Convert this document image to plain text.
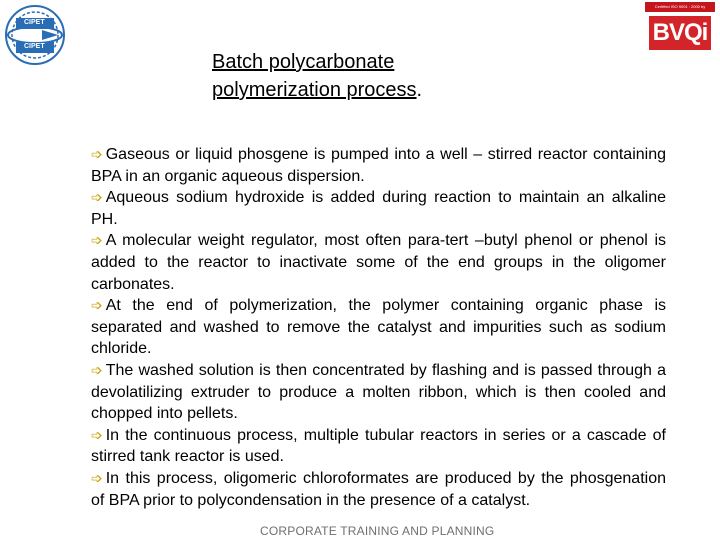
CIPET
CIPET
Certified ISO 9001 : 2000 by
BVQi
Batch polycarbonate
polymerization process.

➩ Gaseous or liquid phosgene is pumped into a well – stirred reactor containing BPA in an organic aqueous dispersion.

➩ Aqueous sodium hydroxide is added during reaction to maintain an alkaline PH.

➩ A molecular weight regulator, most often para-tert –butyl phenol or phenol is added to the reactor to inactivate some of the end groups in the oligomer carbonates.

➩ At the end of polymerization, the polymer containing organic phase is separated and washed to remove the catalyst and impurities such as sodium chloride.

➩ The washed solution is then concentrated by flashing and is passed through a devolatilizing extruder to produce a molten ribbon, which is then cooled and chopped into pellets.

➩ In the continuous process, multiple tubular reactors in series or a cascade of stirred tank reactor is used.

➩ In this process, oligomeric chloroformates are produced by the phosgenation of BPA prior to polycondensation in the presence of a catalyst.

CORPORATE TRAINING AND PLANNING
